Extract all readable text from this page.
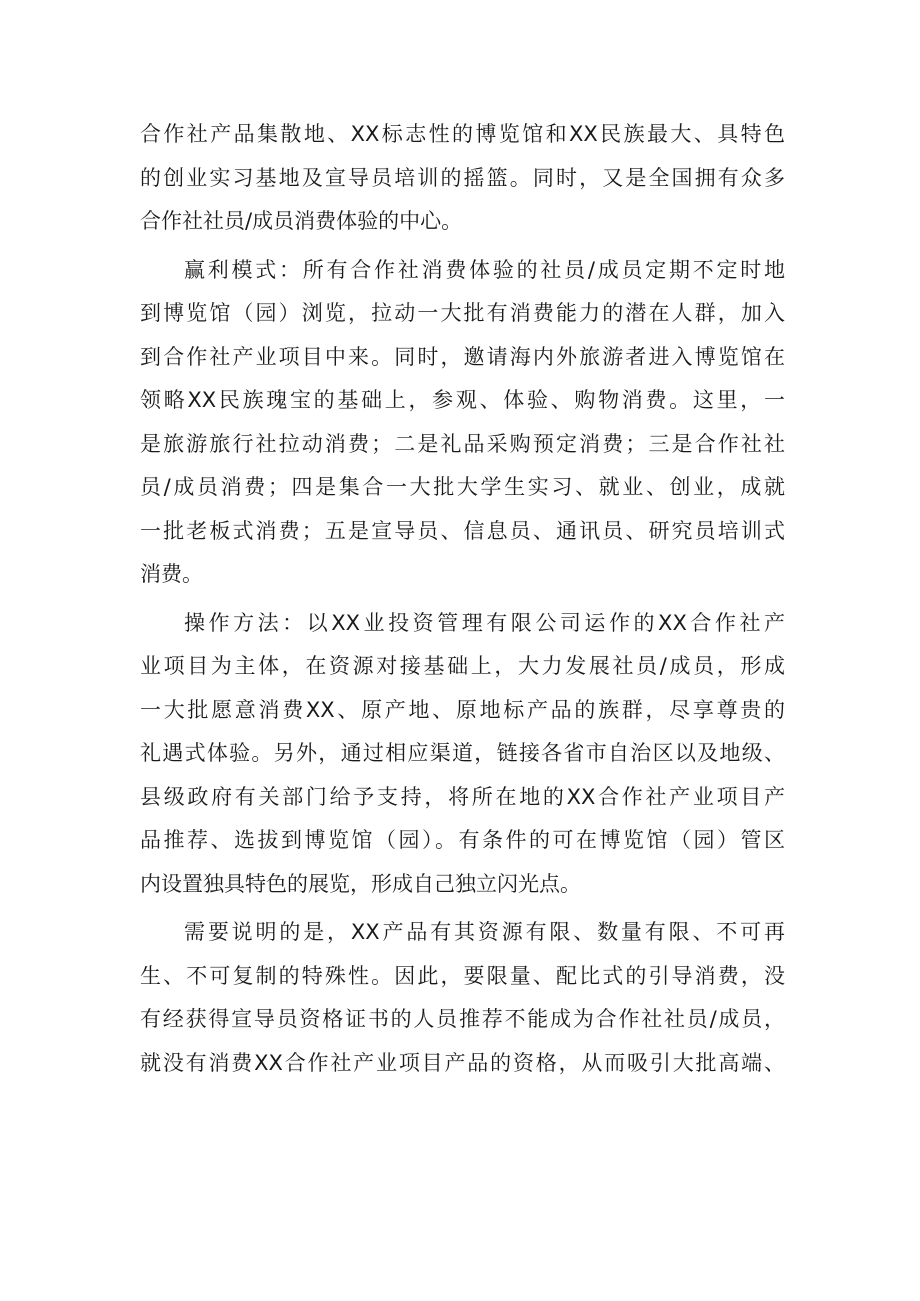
合作社产品集散地、XX标志性的博览馆和XX民族最大、具特色
的创业实习基地及宣导员培训的摇篮。同时，又是全国拥有众多
合作社社员/成员消费体验的中心。
赢利模式：所有合作社消费体验的社员/成员定期不定时地
到博览馆（园）浏览，拉动一大批有消费能力的潜在人群，加入
到合作社产业项目中来。同时，邀请海内外旅游者进入博览馆在
领略XX民族瑰宝的基础上，参观、体验、购物消费。这里，一
是旅游旅行社拉动消费；二是礼品采购预定消费；三是合作社社
员/成员消费；四是集合一大批大学生实习、就业、创业，成就
一批老板式消费；五是宣导员、信息员、通讯员、研究员培训式
消费。
操作方法：以XX业投资管理有限公司运作的XX合作社产
业项目为主体，在资源对接基础上，大力发展社员/成员，形成
一大批愿意消费XX、原产地、原地标产品的族群，尽享尊贵的
礼遇式体验。另外，通过相应渠道，链接各省市自治区以及地级、
县级政府有关部门给予支持，将所在地的XX合作社产业项目产
品推荐、选拔到博览馆（园）。有条件的可在博览馆（园）管区
内设置独具特色的展览，形成自己独立闪光点。
需要说明的是，XX产品有其资源有限、数量有限、不可再
生、不可复制的特殊性。因此，要限量、配比式的引导消费，没
有经获得宣导员资格证书的人员推荐不能成为合作社社员/成员，
就没有消费XX合作社产业项目产品的资格，从而吸引大批高端、
